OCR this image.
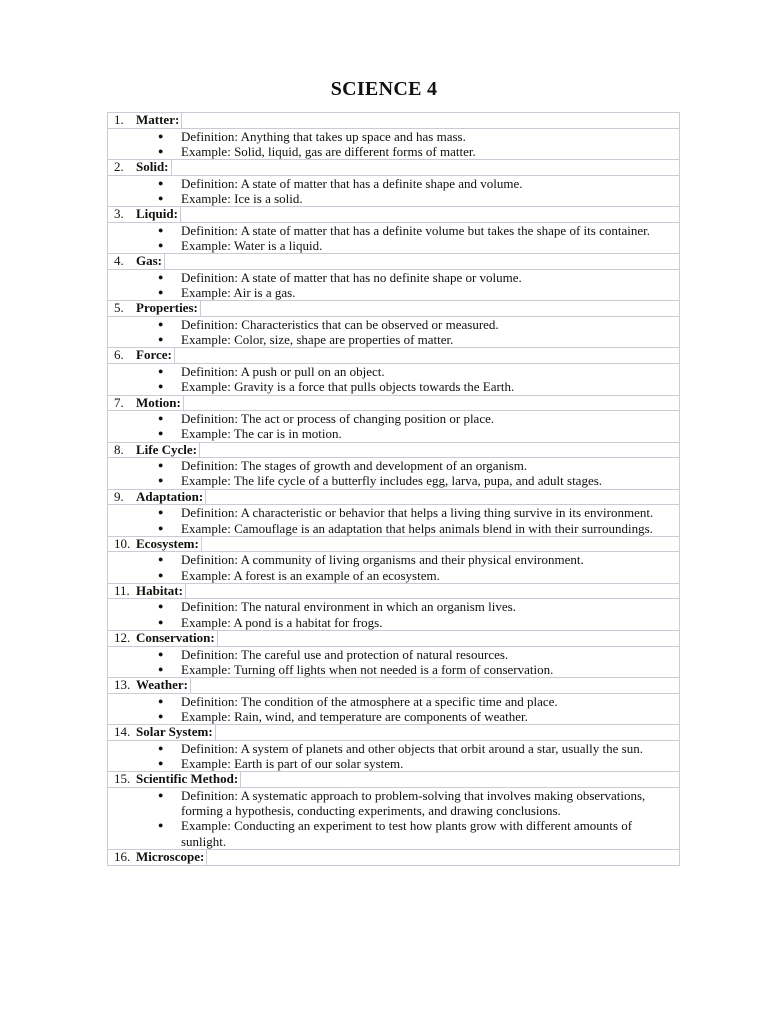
SCIENCE 4
1. Matter:
● Definition: Anything that takes up space and has mass.
● Example: Solid, liquid, gas are different forms of matter.
2. Solid:
● Definition: A state of matter that has a definite shape and volume.
● Example: Ice is a solid.
3. Liquid:
● Definition: A state of matter that has a definite volume but takes the shape of its container.
● Example: Water is a liquid.
4. Gas:
● Definition: A state of matter that has no definite shape or volume.
● Example: Air is a gas.
5. Properties:
● Definition: Characteristics that can be observed or measured.
● Example: Color, size, shape are properties of matter.
6. Force:
● Definition: A push or pull on an object.
● Example: Gravity is a force that pulls objects towards the Earth.
7. Motion:
● Definition: The act or process of changing position or place.
● Example: The car is in motion.
8. Life Cycle:
● Definition: The stages of growth and development of an organism.
● Example: The life cycle of a butterfly includes egg, larva, pupa, and adult stages.
9. Adaptation:
● Definition: A characteristic or behavior that helps a living thing survive in its environment.
● Example: Camouflage is an adaptation that helps animals blend in with their surroundings.
10. Ecosystem:
● Definition: A community of living organisms and their physical environment.
● Example: A forest is an example of an ecosystem.
11. Habitat:
● Definition: The natural environment in which an organism lives.
● Example: A pond is a habitat for frogs.
12. Conservation:
● Definition: The careful use and protection of natural resources.
● Example: Turning off lights when not needed is a form of conservation.
13. Weather:
● Definition: The condition of the atmosphere at a specific time and place.
● Example: Rain, wind, and temperature are components of weather.
14. Solar System:
● Definition: A system of planets and other objects that orbit around a star, usually the sun.
● Example: Earth is part of our solar system.
15. Scientific Method:
● Definition: A systematic approach to problem-solving that involves making observations, forming a hypothesis, conducting experiments, and drawing conclusions.
● Example: Conducting an experiment to test how plants grow with different amounts of sunlight.
16. Microscope:
